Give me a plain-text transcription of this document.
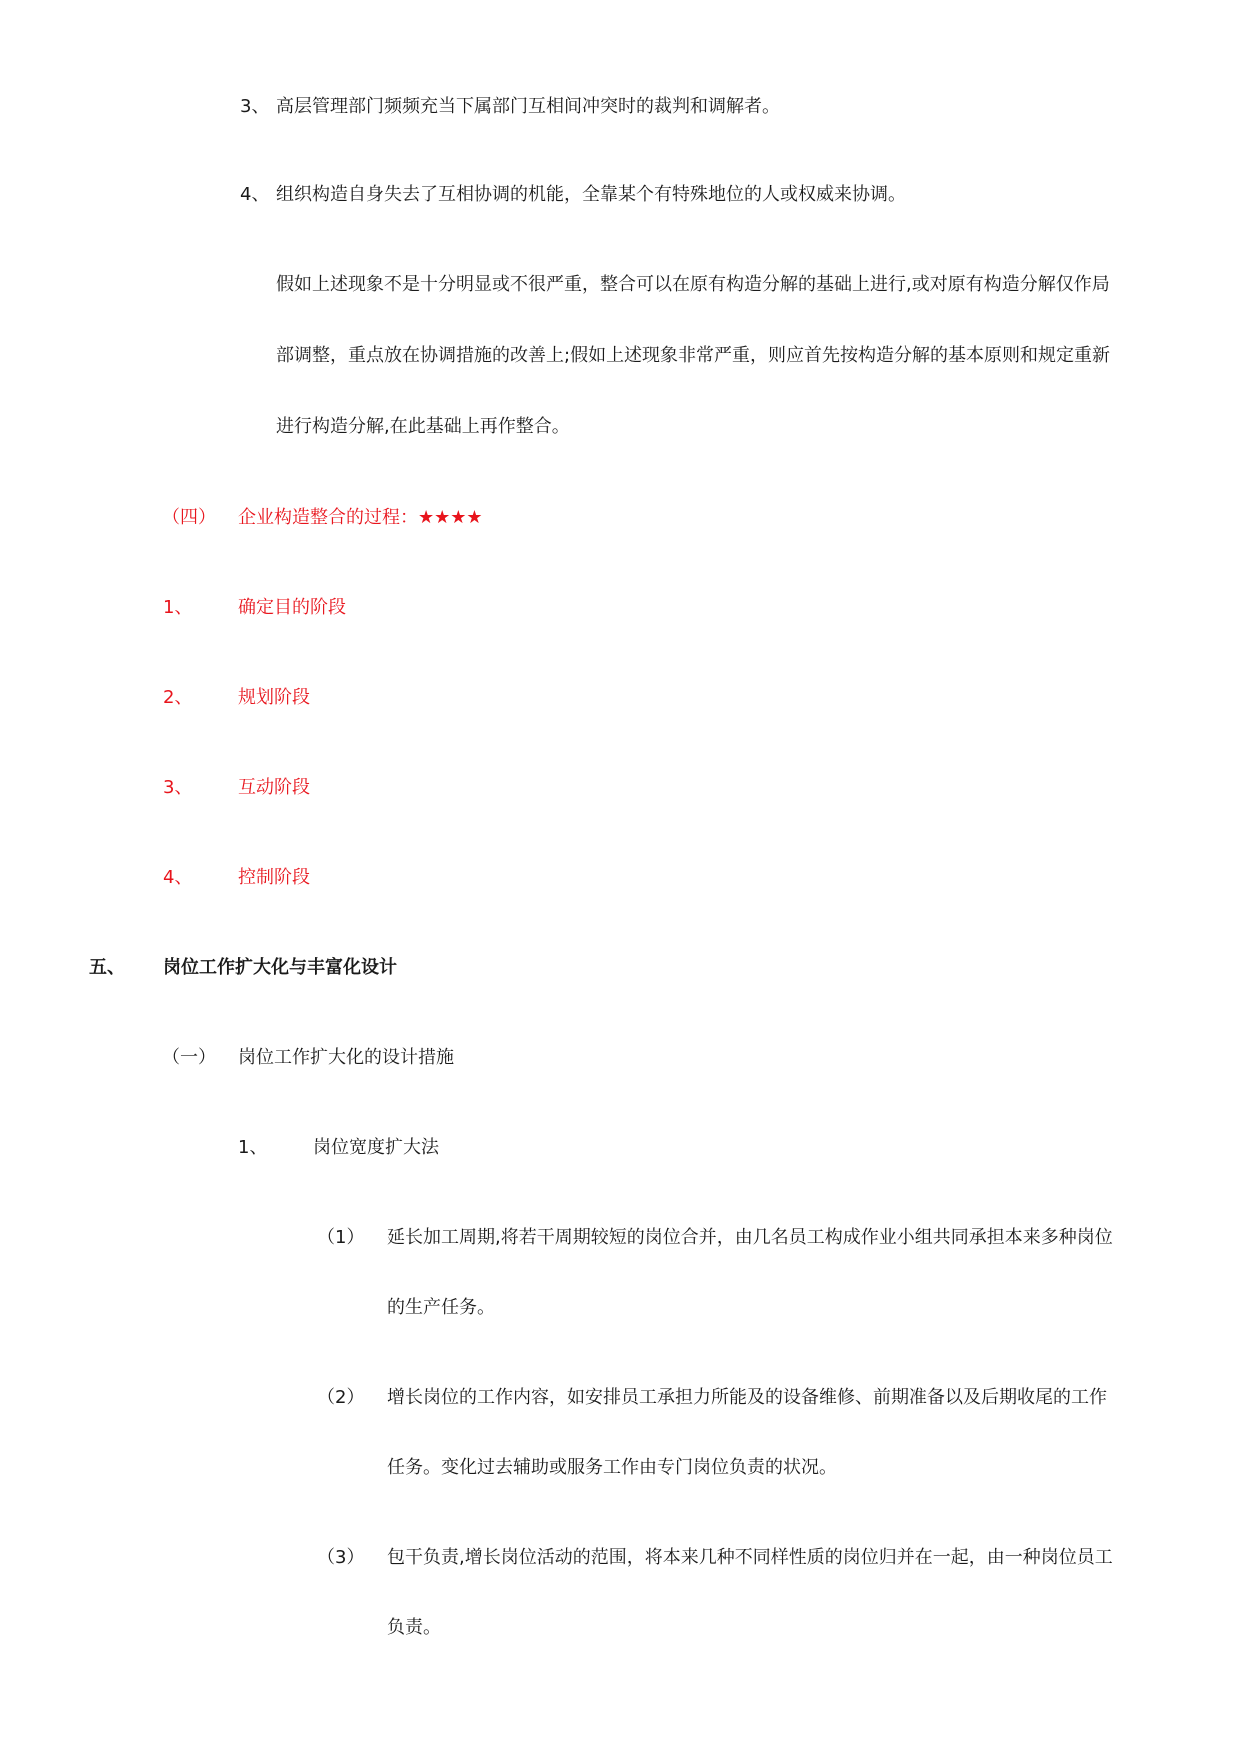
3、 高层管理部门频频充当下属部门互相间冲突时的裁判和调解者。
4、 组织构造自身失去了互相协调的机能，全靠某个有特殊地位的人或权威来协调。
假如上述现象不是十分明显或不很严重，整合可以在原有构造分解的基础上进行,或对原有构造分解仅作局
部调整，重点放在协调措施的改善上;假如上述现象非常严重，则应首先按构造分解的基本原则和规定重新
进行构造分解,在此基础上再作整合。
（四） 企业构造整合的过程：★★★★
1、	确定目的阶段
2、	规划阶段
3、	互动阶段
4、	控制阶段
五、 岗位工作扩大化与丰富化设计
（一） 岗位工作扩大化的设计措施
1、	岗位宽度扩大法
（1） 延长加工周期,将若干周期较短的岗位合并，由几名员工构成作业小组共同承担本来多种岗位
的生产任务。
（2） 增长岗位的工作内容，如安排员工承担力所能及的设备维修、前期准备以及后期收尾的工作
任务。变化过去辅助或服务工作由专门岗位负责的状况。
（3） 包干负责,增长岗位活动的范围，将本来几种不同样性质的岗位归并在一起，由一种岗位员工
负责。
